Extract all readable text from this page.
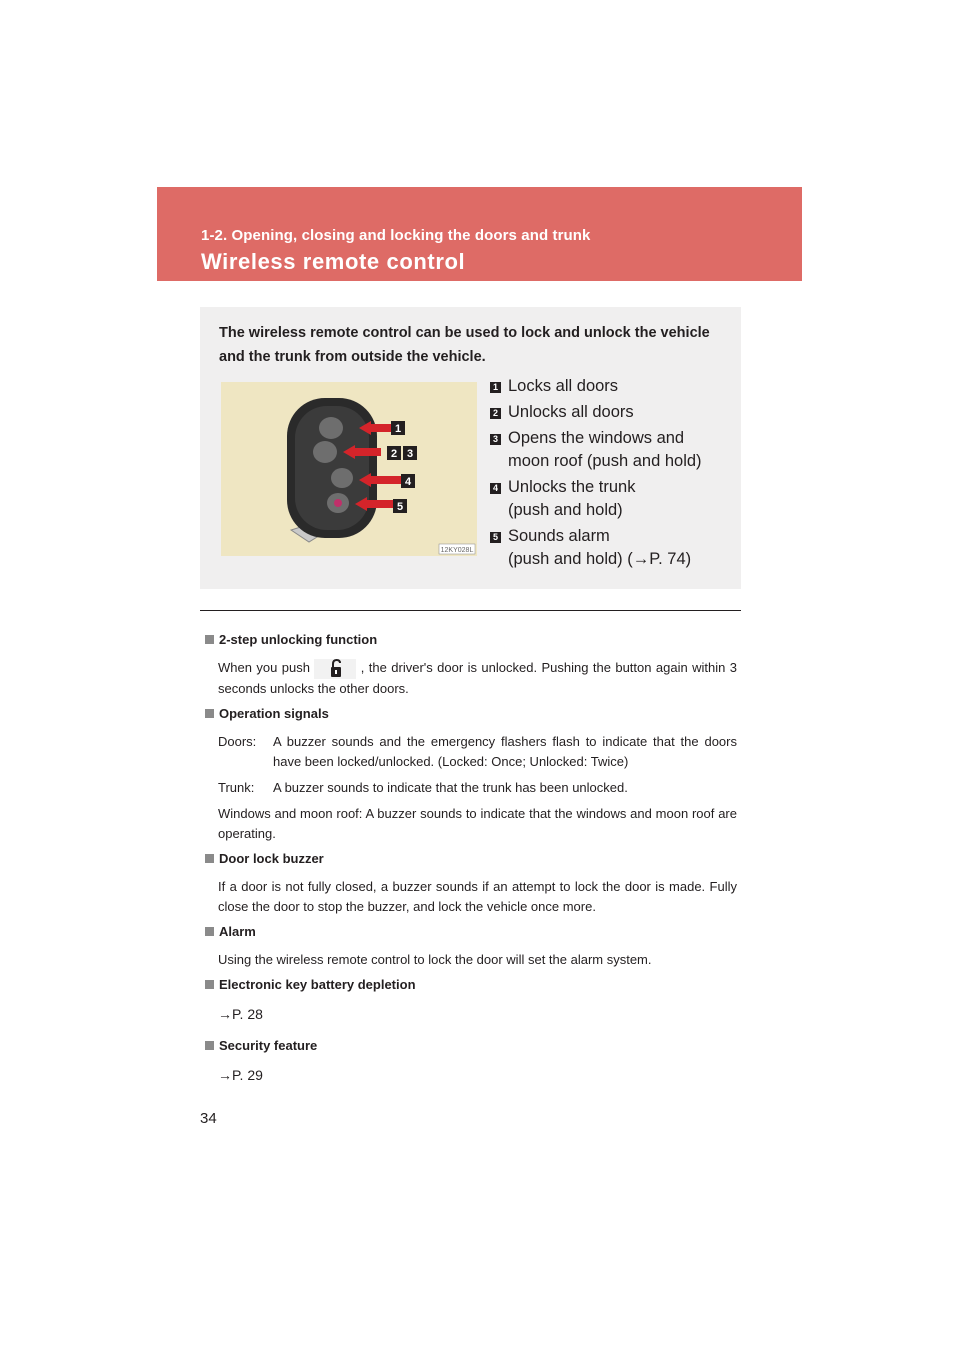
1-2. Opening, closing and locking the doors and trunk
Wireless remote control
The wireless remote control can be used to lock and unlock the vehicle and the trunk from outside the vehicle.
1
2 3
4
5
12KY028L
1 Locks all doors
2 Unlocks all doors
3 Opens the windows and
moon roof (push and hold)
4 Unlocks the trunk
(push and hold)
5 Sounds alarm
(push and hold) (→P. 74)
2-step unlocking function
When you push	, the driver's door is unlocked. Pushing the button again within 3 seconds unlocks the other doors.
Operation signals
Doors:	A buzzer sounds and the emergency flashers flash to indicate that the doors have been locked/unlocked. (Locked: Once; Unlocked: Twice)
Trunk:	A buzzer sounds to indicate that the trunk has been unlocked.
Windows and moon roof: A buzzer sounds to indicate that the windows and moon roof are operating.
Door lock buzzer
If a door is not fully closed, a buzzer sounds if an attempt to lock the door is made. Fully close the door to stop the buzzer, and lock the vehicle once more.
Alarm
Using the wireless remote control to lock the door will set the alarm system.
Electronic key battery depletion
→P. 28
Security feature
→P. 29
34
